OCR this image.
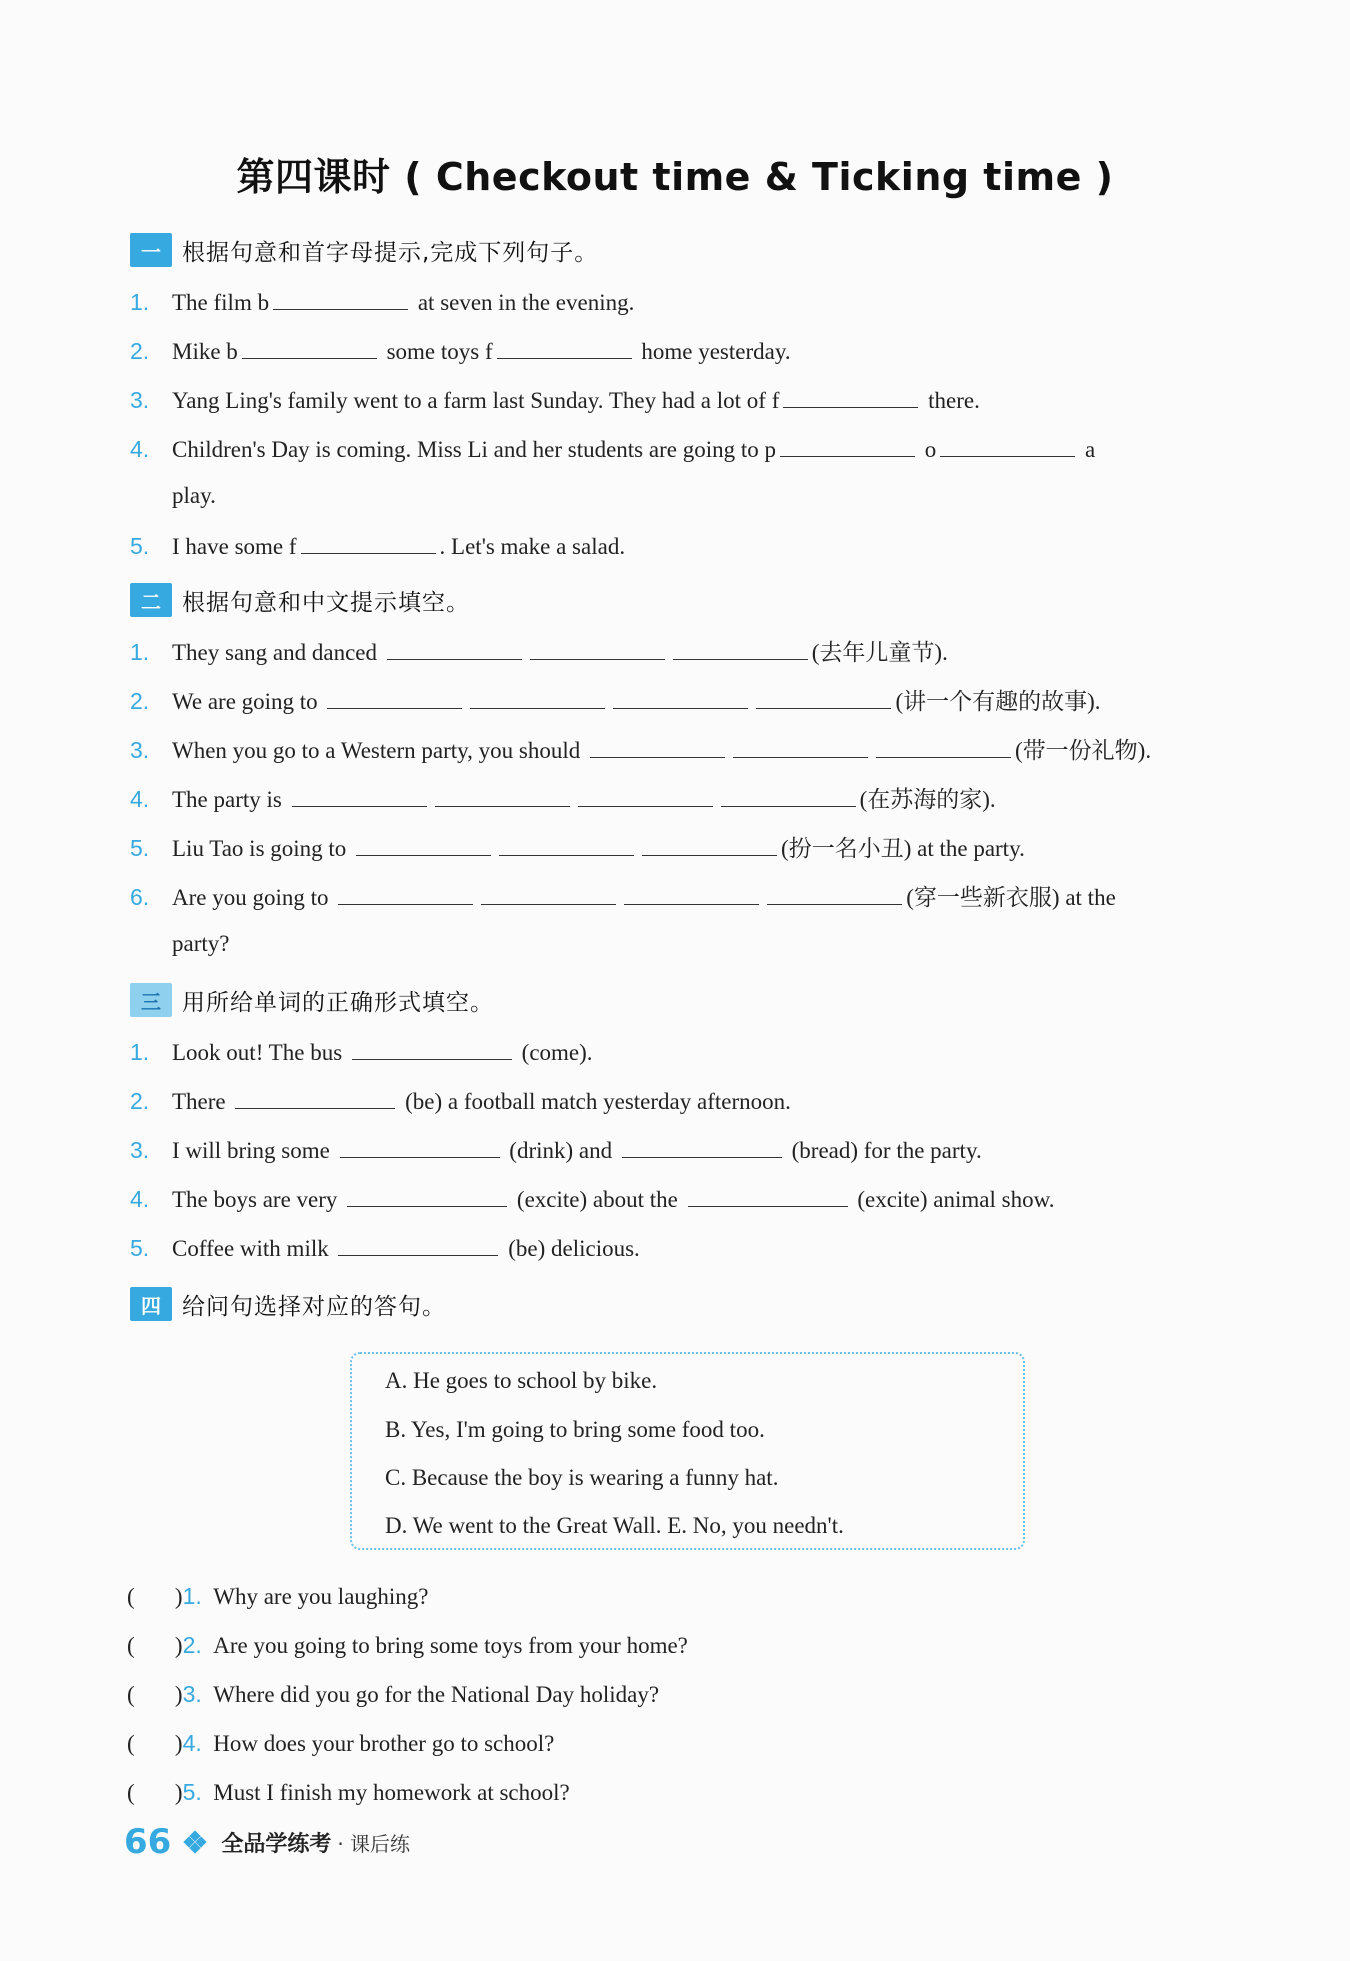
第四课时 ( Checkout time & Ticking time )
一 根据句意和首字母提示,完成下列句子。
1. The film b	at seven in the evening.
2. Mike b	some toys f	home yesterday.
3. Yang Ling's family went to a farm last Sunday. They had a lot of f	there.
4. Children's Day is coming. Miss Li and her students are going to p	o	a
play.
5. I have some f	. Let's make a salad.
二 根据句意和中文提示填空。
1. They sang and danced	(去年儿童节).
2. We are going to	(讲一个有趣的故事).
3. When you go to a Western party, you should	(带一份礼物).
4. The party is	(在苏海的家).
5. Liu Tao is going to	(扮一名小丑) at the party.
6. Are you going to	(穿一些新衣服) at the
party?
三 用所给单词的正确形式填空。
1. Look out! The bus	(come).
2. There	(be) a football match yesterday afternoon.
3. I will bring some	(drink) and	(bread) for the party.
4. The boys are very	(excite) about the	(excite) animal show.
5. Coffee with milk	(be) delicious.
四 给问句选择对应的答句。
A. He goes to school by bike.
B. Yes, I'm going to bring some food too.
C. Because the boy is wearing a funny hat.
D. We went to the Great Wall. E. No, you needn't.
(       )1. Why are you laughing?
(       )2. Are you going to bring some toys from your home?
(       )3. Where did you go for the National Day holiday?
(       )4. How does your brother go to school?
(       )5. Must I finish my homework at school?
66 全品学练考 · 课后练
